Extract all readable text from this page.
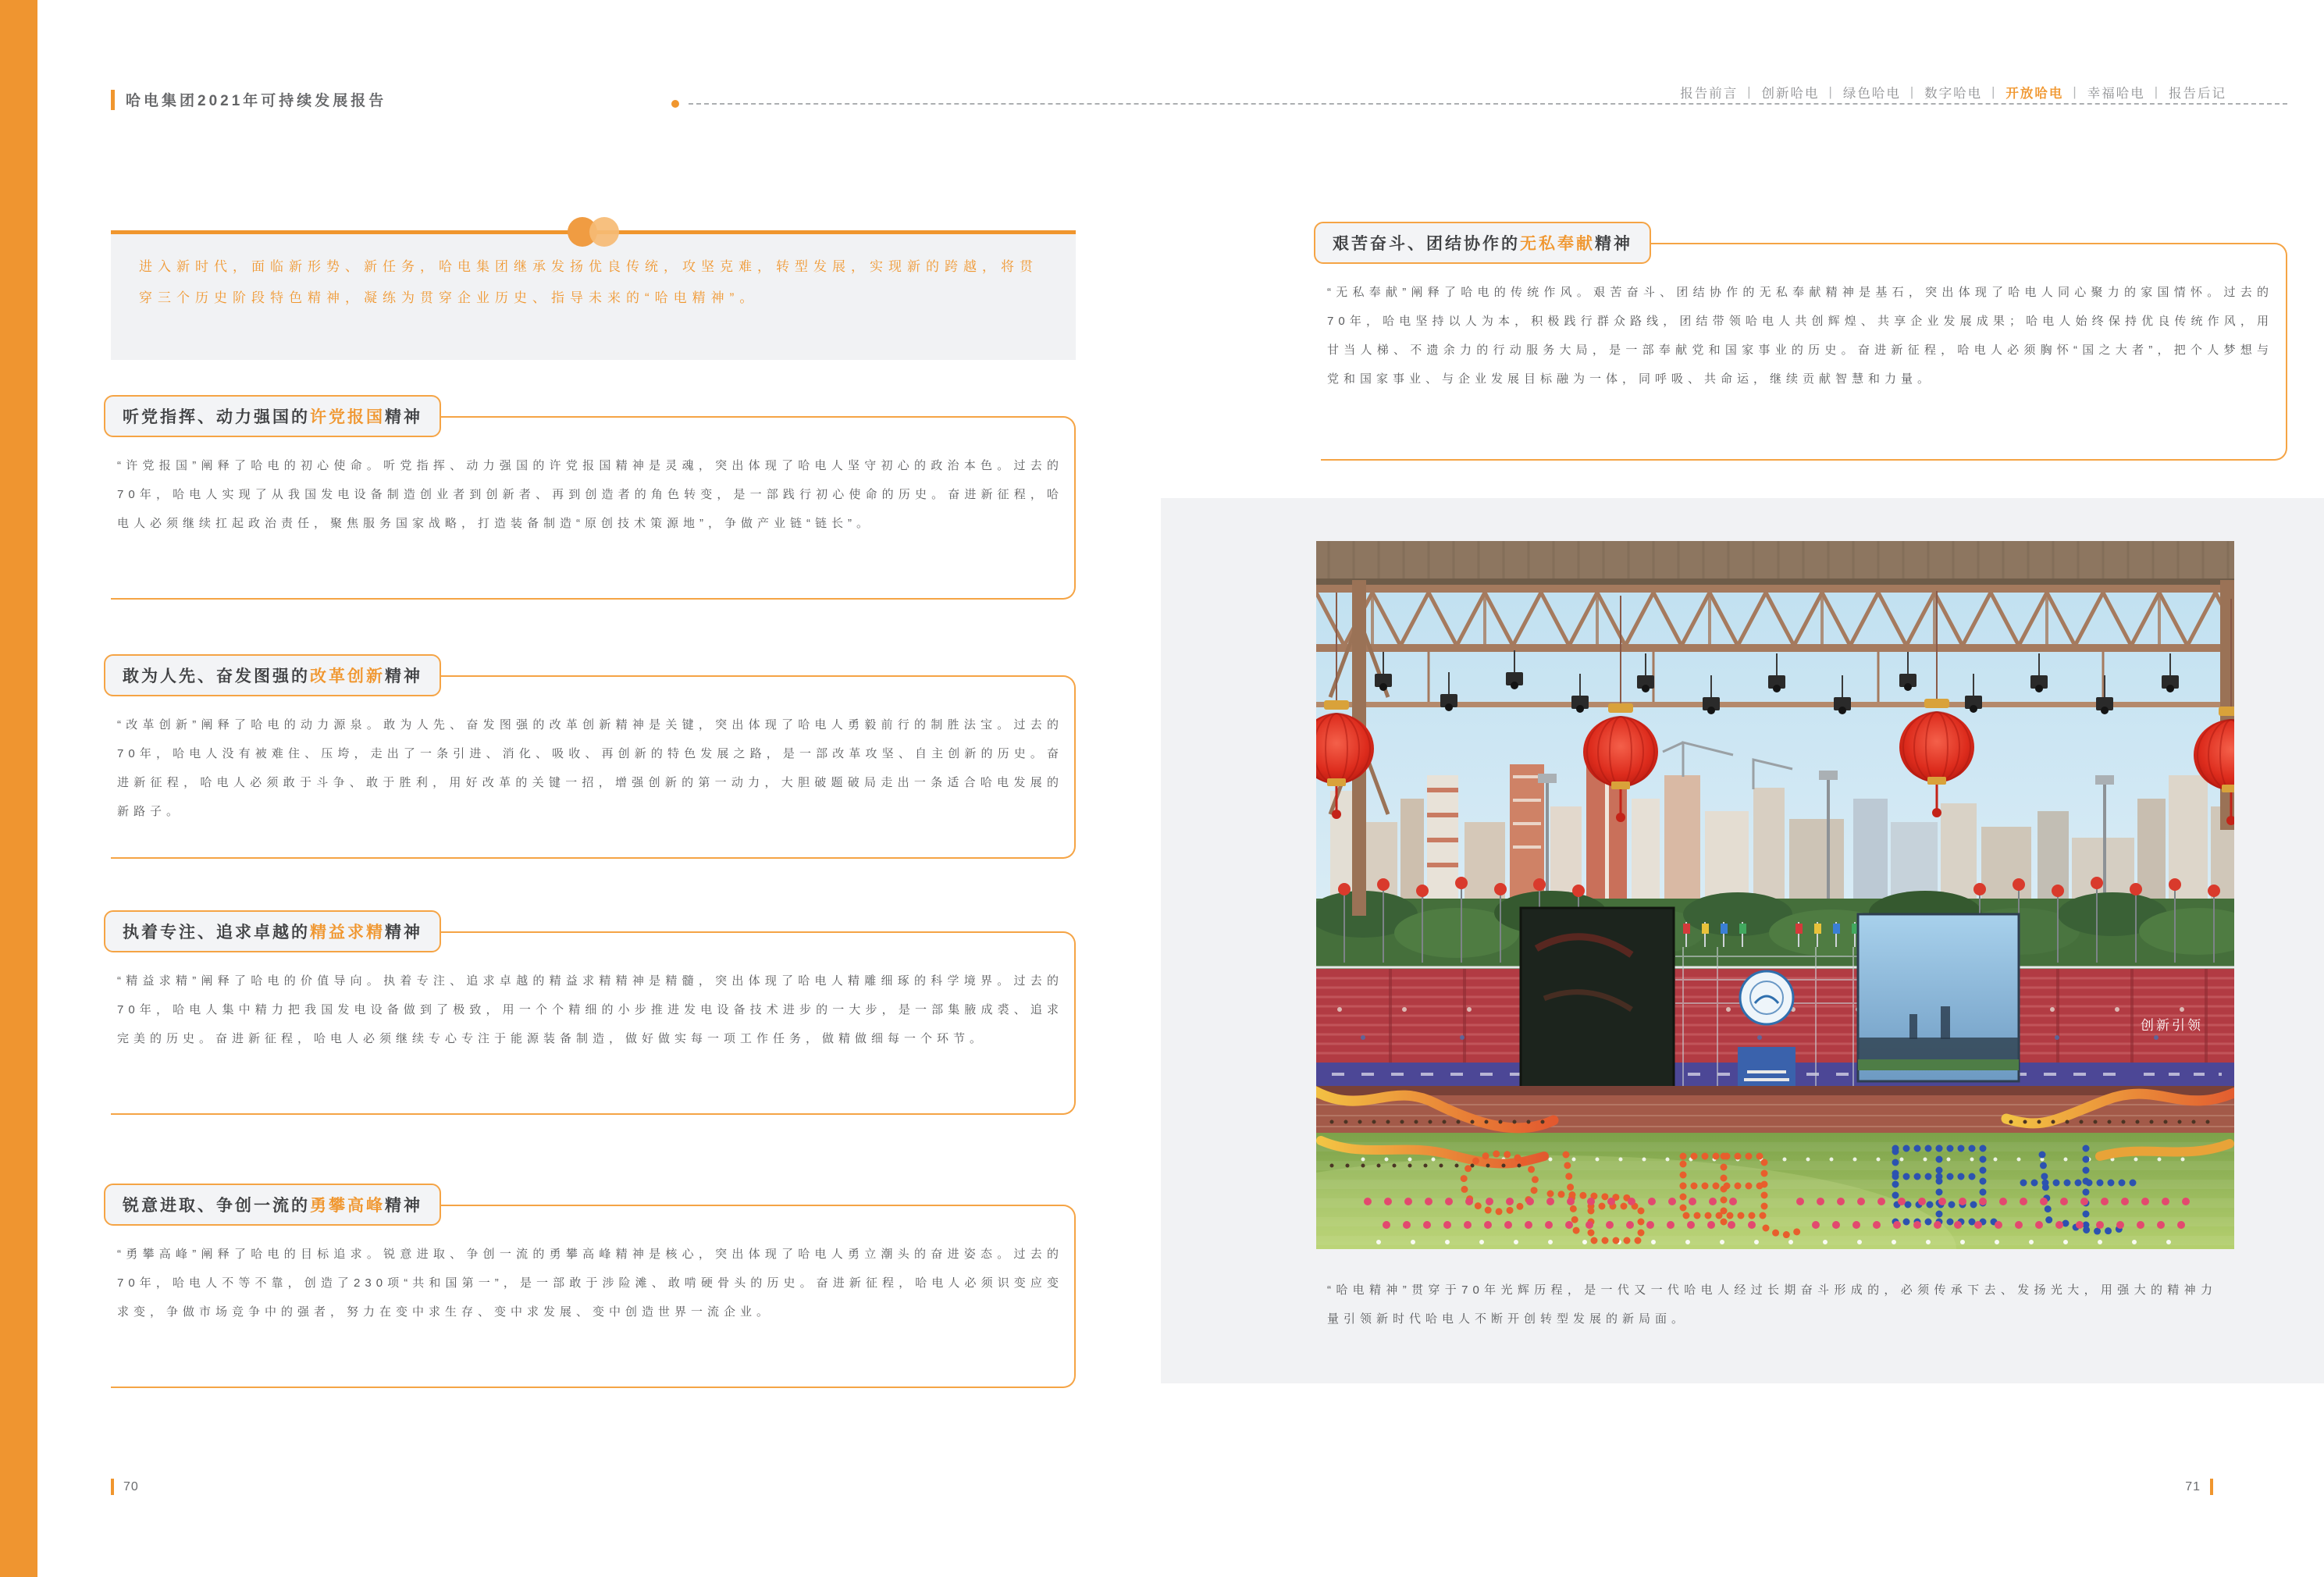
哈电集团2021年可持续发展报告	报告前言 | 创新哈电 | 绿色哈电 | 数字哈电 | 开放哈电 | 幸福哈电 | 报告后记

进入新时代，面临新形势、新任务，哈电集团继承发扬优良传统，攻坚克难，转型发展，实现新的跨越，将贯穿三个历史阶段特色精神，凝练为贯穿企业历史、指导未来的“哈电精神”。

听党指挥、动力强国的 许党报国 精神

“许党报国”阐释了哈电的初心使命。听党指挥、动力强国的许党报国精神是灵魂，突出体现了哈电人坚守初心的政治本色。过去的70年，哈电人实现了从我国发电设备制造创业者到创新者、再到创造者的角色转变，是一部践行初心使命的历史。奋进新征程，哈电人必须继续扛起政治责任，聚焦服务国家战略，打造装备制造“原创技术策源地”，争做产业链“链长”。

敢为人先、奋发图强的 改革创新 精神

“改革创新”阐释了哈电的动力源泉。敢为人先、奋发图强的改革创新精神是关键，突出体现了哈电人勇毅前行的制胜法宝。过去的70年，哈电人没有被难住、压垮，走出了一条引进、消化、吸收、再创新的特色发展之路，是一部改革攻坚、自主创新的历史。奋进新征程，哈电人必须敢于斗争、敢于胜利，用好改革的关键一招，增强创新的第一动力，大胆破题破局走出一条适合哈电发展的新路子。

执着专注、追求卓越的 精益求精 精神

“精益求精”阐释了哈电的价值导向。执着专注、追求卓越的精益求精精神是精髓，突出体现了哈电人精雕细琢的科学境界。过去的70年，哈电人集中精力把我国发电设备做到了极致，用一个个精细的小步推进发电设备技术进步的一大步，是一部集腋成裘、追求完美的历史。奋进新征程，哈电人必须继续专心专注于能源装备制造，做好做实每一项工作任务，做精做细每一个环节。

锐意进取、争创一流的 勇攀高峰 精神

“勇攀高峰”阐释了哈电的目标追求。锐意进取、争创一流的勇攀高峰精神是核心，突出体现了哈电人勇立潮头的奋进姿态。过去的70年，哈电人不等不靠，创造了230项“共和国第一”，是一部敢于涉险滩、敢啃硬骨头的历史。奋进新征程，哈电人必须识变应变求变，争做市场竞争中的强者，努力在变中求生存、变中求发展、变中创造世界一流企业。

艰苦奋斗、团结协作的 无私奉献 精神

“无私奉献”阐释了哈电的传统作风。艰苦奋斗、团结协作的无私奉献精神是基石，突出体现了哈电人同心聚力的家国情怀。过去的70年，哈电坚持以人为本，积极践行群众路线，团结带领哈电人共创辉煌、共享企业发展成果；哈电人始终保持优良传统作风，用甘当人梯、不遗余力的行动服务大局，是一部奉献党和国家事业的历史。奋进新征程，哈电人必须胸怀“国之大者”，把个人梦想与党和国家事业、与企业发展目标融为一体，同呼吸、共命运，继续贡献智慧和力量。

创新引领

“哈电精神”贯穿于70年光辉历程，是一代又一代哈电人经过长期奋斗形成的，必须传承下去、发扬光大，用强大的精神力量引领新时代哈电人不断开创转型发展的新局面。

70	71
